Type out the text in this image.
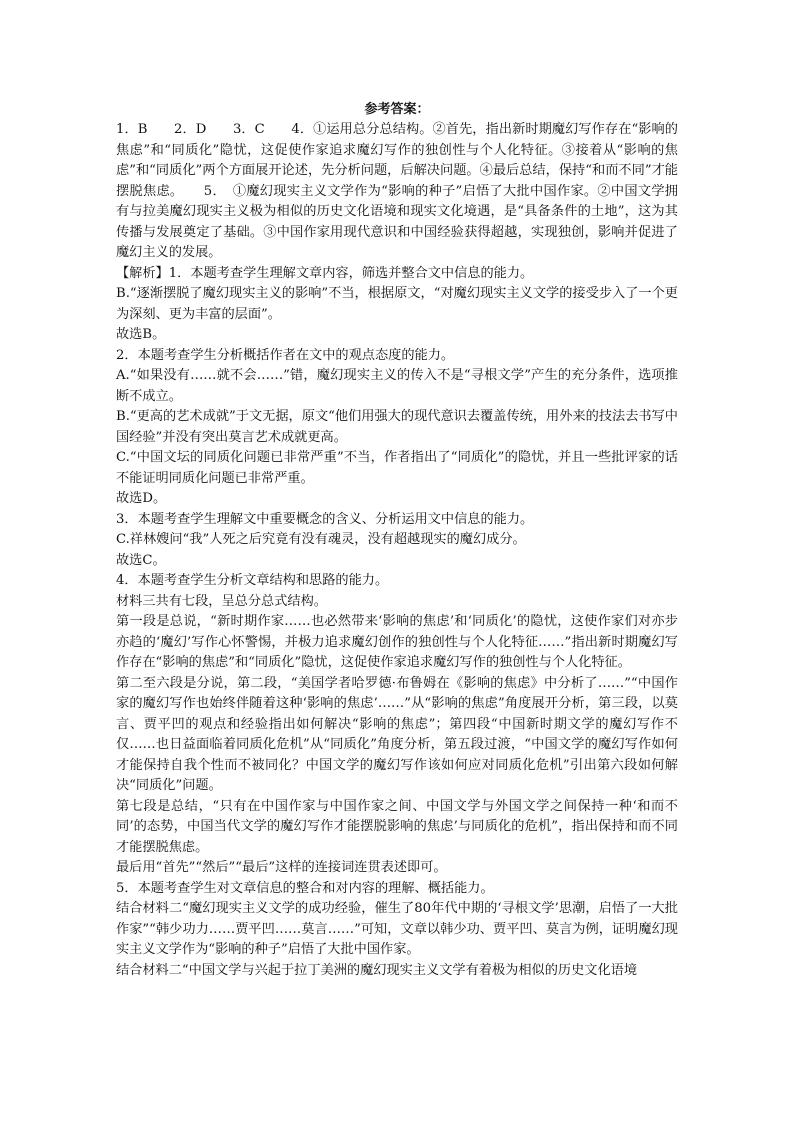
参考答案：

1．B　　2．D　　3．C　　4．①运用总分总结构。②首先，指出新时期魔幻写作存在“影响的焦虑”和“同质化”隐忧，这促使作家追求魔幻写作的独创性与个人化特征。③接着从“影响的焦虑”和“同质化”两个方面展开论述，先分析问题，后解决问题。④最后总结，保持“和而不同”才能摆脱焦虑。　　5．　①魔幻现实主义文学作为“影响的种子”启悟了大批中国作家。②中国文学拥有与拉美魔幻现实主义极为相似的历史文化语境和现实文化境遇，是“具备条件的土地”，这为其传播与发展奠定了基础。③中国作家用现代意识和中国经验获得超越，实现独创，影响并促进了魔幻主义的发展。

【解析】1．本题考查学生理解文章内容，筛选并整合文中信息的能力。

B.“逐渐摆脱了魔幻现实主义的影响”不当，根据原文，“对魔幻现实主义文学的接受步入了一个更为深刻、更为丰富的层面”。

故选B。

2．本题考查学生分析概括作者在文中的观点态度的能力。

A.“如果没有……就不会……”错，魔幻现实主义的传入不是“寻根文学”产生的充分条件，选项推断不成立。

B.“更高的艺术成就”于文无据，原文“他们用强大的现代意识去覆盖传统，用外来的技法去书写中国经验”并没有突出莫言艺术成就更高。

C.“中国文坛的同质化问题已非常严重”不当，作者指出了“同质化”的隐忧，并且一些批评家的话不能证明同质化问题已非常严重。

故选D。

3．本题考查学生理解文中重要概念的含义、分析运用文中信息的能力。

C.祥林嫂问“我”人死之后究竟有没有魂灵，没有超越现实的魔幻成分。

故选C。

4．本题考查学生分析文章结构和思路的能力。

材料三共有七段，呈总分总式结构。

第一段是总说，“新时期作家……也必然带来‘影响的焦虑’和‘同质化’的隐忧，这使作家们对亦步亦趋的‘魔幻’写作心怀警惕，并极力追求魔幻创作的独创性与个人化特征……”指出新时期魔幻写作存在“影响的焦虑”和“同质化”隐忧，这促使作家追求魔幻写作的独创性与个人化特征。

第二至六段是分说，第二段，“美国学者哈罗德·布鲁姆在《影响的焦虑》中分析了……”“中国作家的魔幻写作也始终伴随着这种‘影响的焦虑’……”从“影响的焦虑”角度展开分析，第三段，以莫言、贾平凹的观点和经验指出如何解决“影响的焦虑”；第四段“中国新时期文学的魔幻写作不仅……也日益面临着同质化危机”从“同质化”角度分析，第五段过渡，“中国文学的魔幻写作如何才能保持自我个性而不被同化？中国文学的魔幻写作该如何应对同质化危机”引出第六段如何解决“同质化”问题。

第七段是总结，“只有在中国作家与中国作家之间、中国文学与外国文学之间保持一种‘和而不同’的态势，中国当代文学的魔幻写作才能摆脱影响的焦虑’与同质化的危机”，指出保持和而不同才能摆脱焦虑。

最后用“首先”“然后”“最后”这样的连接词连贯表述即可。

5．本题考查学生对文章信息的整合和对内容的理解、概括能力。

结合材料二“魔幻现实主义文学的成功经验，催生了80年代中期的‘寻根文学’思潮，启悟了一大批作家”“韩少功力……贾平凹……莫言……”可知，文章以韩少功、贾平凹、莫言为例，证明魔幻现实主义文学作为“影响的种子”启悟了大批中国作家。

结合材料二“中国文学与兴起于拉丁美洲的魔幻现实主义文学有着极为相似的历史文化语境
